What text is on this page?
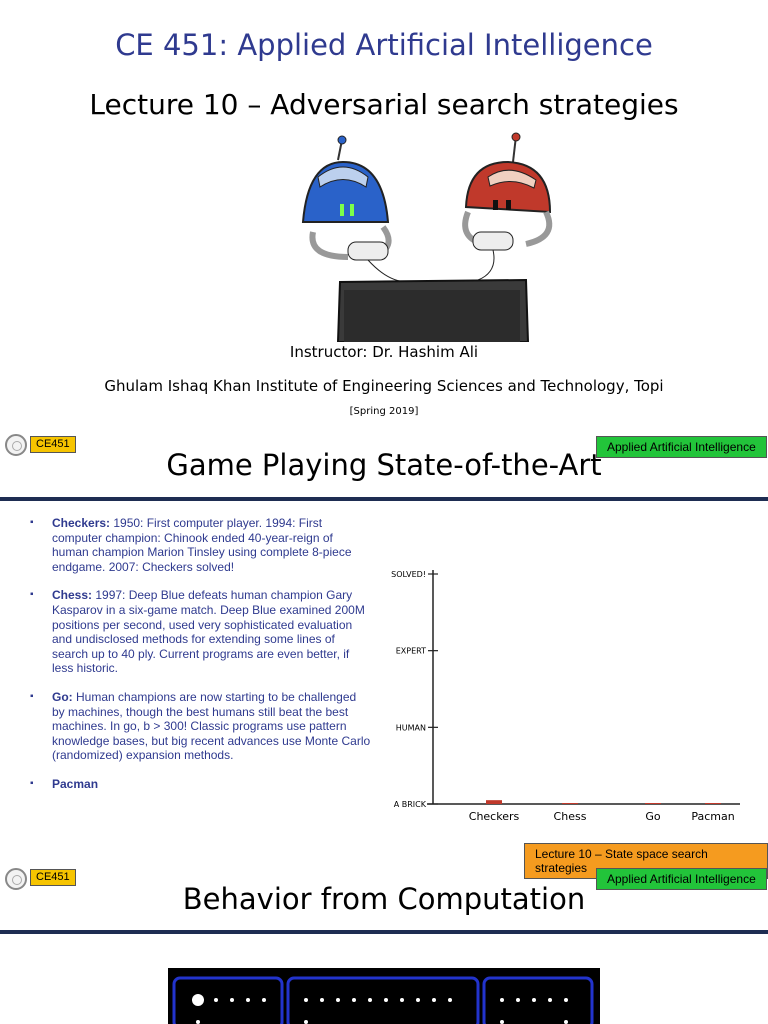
CE 451: Applied Artificial Intelligence
Lecture 10 – Adversarial search strategies
Instructor: Dr. Hashim Ali
Ghulam Ishaq Khan Institute of Engineering Sciences and Technology, Topi
[Spring 2019]
CE451	Applied Artificial Intelligence
Game Playing State-of-the-Art
▪ Checkers: 1950: First computer player. 1994: First computer champion: Chinook ended 40-year-reign of human champion Marion Tinsley using complete 8-piece endgame. 2007: Checkers solved!
▪ Chess: 1997: Deep Blue defeats human champion Gary Kasparov in a six-game match. Deep Blue examined 200M positions per second, used very sophisticated evaluation and undisclosed methods for extending some lines of search up to 40 ply. Current programs are even better, if less historic.
▪ Go: Human champions are now starting to be challenged by machines, though the best humans still beat the best machines. In go, b > 300! Classic programs use pattern knowledge bases, but big recent advances use Monte Carlo (randomized) expansion methods.
▪ Pacman
A BRICK
HUMAN
EXPERT
SOLVED!
Checkers	Chess	Go	Pacman
Lecture 10 – State space search strategies
CE451	Applied Artificial Intelligence
Behavior from Computation
